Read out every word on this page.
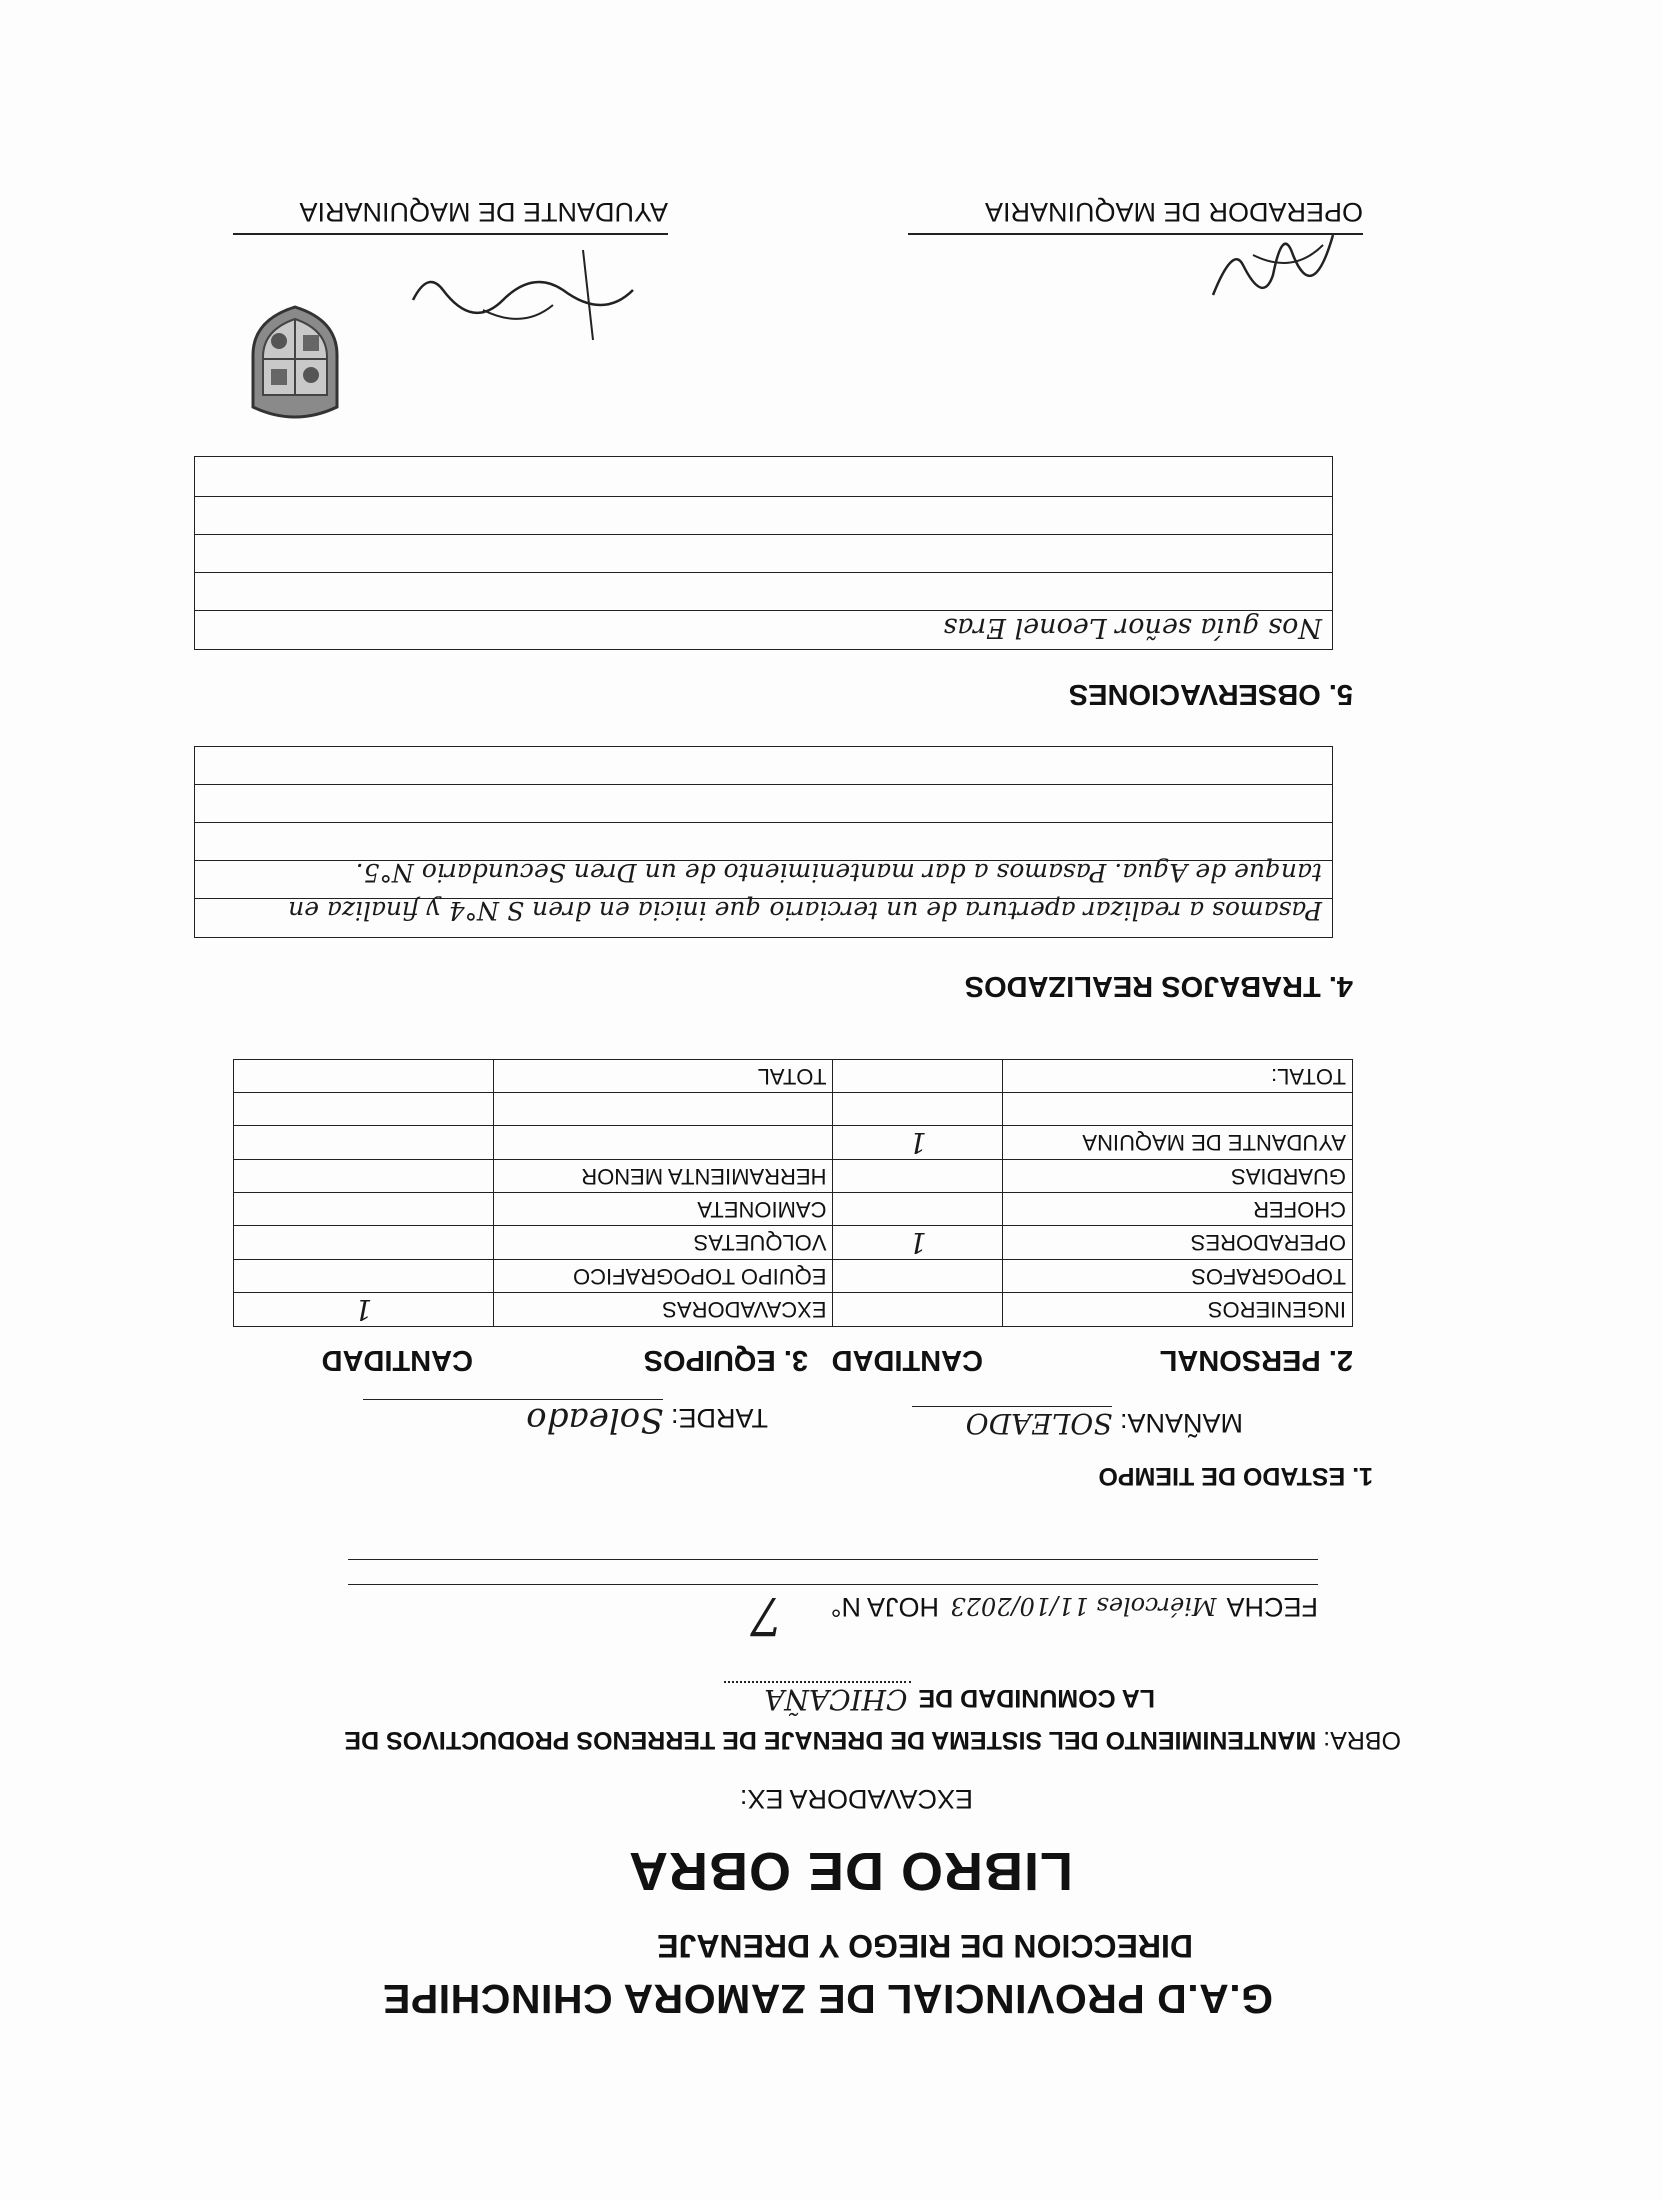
G.A.D PROVINCIAL DE ZAMORA CHINCHIPE
DIRECCION DE RIEGO Y DRENAJE
LIBRO DE OBRA
EXCAVADORA EX:
OBRA: MANTENIMIENTO DEL SISTEMA DE DRENAJE DE TERRENOS PRODUCTIVOS DE
LA COMUNIDAD DE CHICAÑA
FECHA Miércoles 11/10/2023 HOJA N° 7
1. ESTADO DE TIEMPO
MAÑANA: SOLEADO
TARDE: Soleado
2. PERSONAL
CANTIDAD
3. EQUIPOS
CANTIDAD
INGENIEROS		EXCAVADORAS	1
TOPOGRAFOS		EQUIPO TOPOGRAFICO	
OPERADORES	1	VOLQUETAS	
CHOFER		CAMIONETA	
GUARDIAS		HERRAMIENTA MENOR	
AYUDANTE DE MAQUINA	1		

TOTAL:		TOTAL	
4. TRABAJOS REALIZADOS
Pasamos a realizar apertura de un terciario que inicia en dren S N°4 y finaliza en tanque de Agua. Pasamos a dar mantenimiento de un Dren Secundario N°5.
5. OBSERVACIONES
Nos guía señor Leonel Eras
OPERADOR DE MAQUINARIA
AYUDANTE DE MAQUINARIA
